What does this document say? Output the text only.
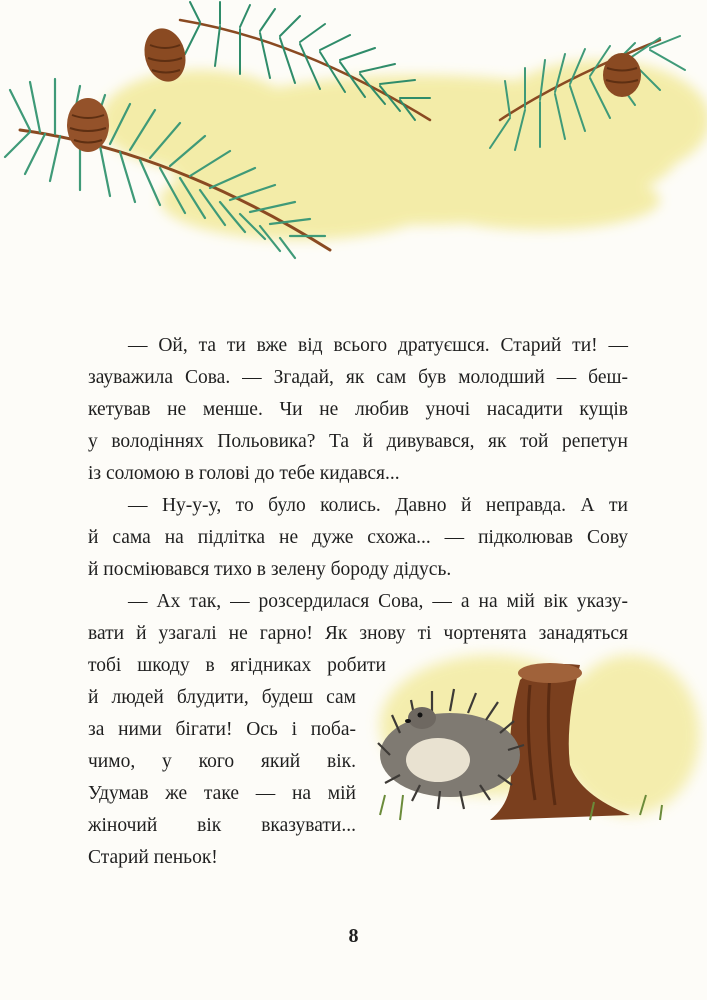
— Ой, та ти вже від всього дратуєшся. Старий ти! —
зауважила Сова. — Згадай, як сам був молодший — беш-
кетував не менше. Чи не любив уночі насадити кущів
у володіннях Польовика? Та й дивувався, як той репетун
із соломою в голові до тебе кидався...
— Ну-у-у, то було колись. Давно й неправда. А ти
й сама на підлітка не дуже схожа... — підколював Сову
й посміювався тихо в зелену бороду дідусь.
— Ах так, — розсердилася Сова, — а на мій вік указу-
вати й узагалі не гарно! Як знову ті чортенята занадяться
тобі шкоду в ягідниках робити
й людей блудити, будеш сам
за ними бігати! Ось і поба-
чимо, у кого який вік.
Удумав же таке — на мій
жіночий вік вказувати...
Старий пеньок!
8
